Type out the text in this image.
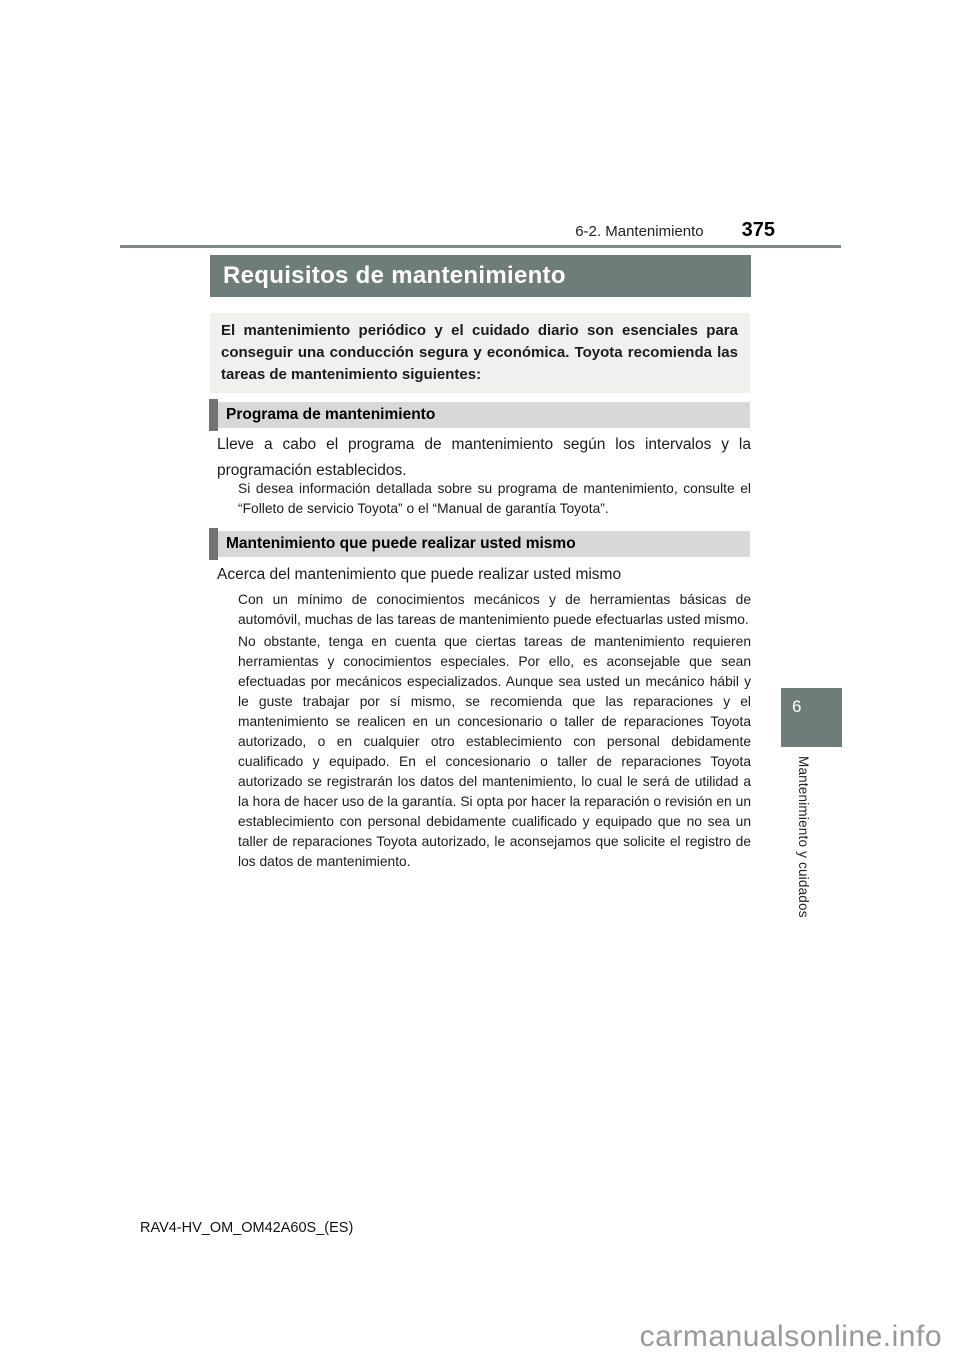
6-2. Mantenimiento 375
Requisitos de mantenimiento
El mantenimiento periódico y el cuidado diario son esenciales para conseguir una conducción segura y económica. Toyota recomienda las tareas de mantenimiento siguientes:
Programa de mantenimiento

Lleve a cabo el programa de mantenimiento según los intervalos y la programación establecidos.

Si desea información detallada sobre su programa de mantenimiento, consulte el “Folleto de servicio Toyota” o el “Manual de garantía Toyota”.

Mantenimiento que puede realizar usted mismo

Acerca del mantenimiento que puede realizar usted mismo

Con un mínimo de conocimientos mecánicos y de herramientas básicas de automóvil, muchas de las tareas de mantenimiento puede efectuarlas usted mismo.

No obstante, tenga en cuenta que ciertas tareas de mantenimiento requieren herramientas y conocimientos especiales. Por ello, es aconsejable que sean efectuadas por mecánicos especializados. Aunque sea usted un mecánico hábil y le guste trabajar por sí mismo, se recomienda que las reparaciones y el mantenimiento se realicen en un concesionario o taller de reparaciones Toyota autorizado, o en cualquier otro establecimiento con personal debidamente cualificado y equipado. En el concesionario o taller de reparaciones Toyota autorizado se registrarán los datos del mantenimiento, lo cual le será de utilidad a la hora de hacer uso de la garantía. Si opta por hacer la reparación o revisión en un establecimiento con personal debidamente cualificado y equipado que no sea un taller de reparaciones Toyota autorizado, le aconsejamos que solicite el registro de los datos de mantenimiento.

6
Mantenimiento y cuidados
RAV4-HV_OM_OM42A60S_(ES)
carmanualsonline.info
